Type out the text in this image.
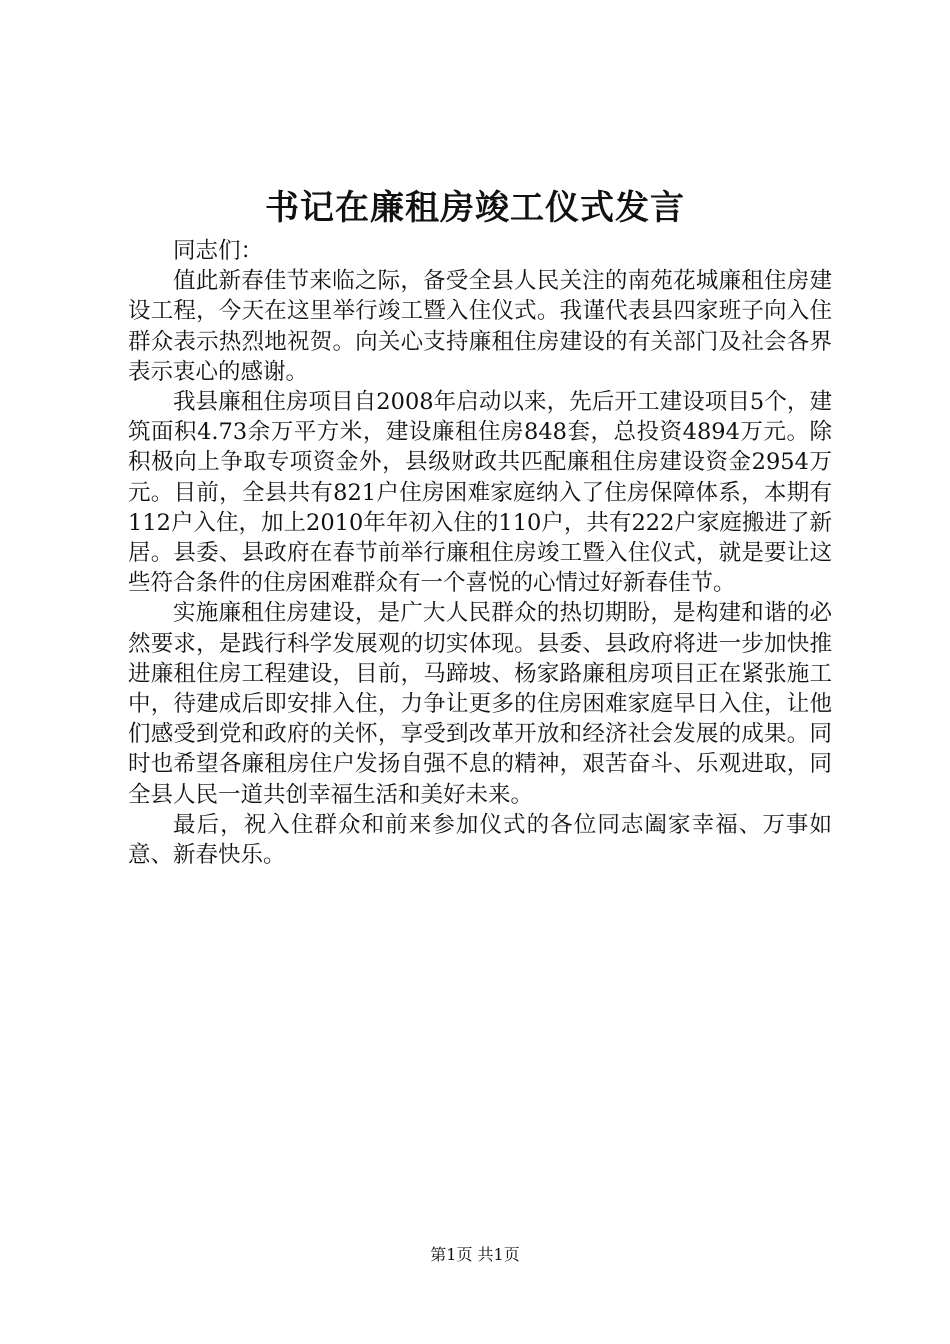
书记在廉租房竣工仪式发言

同志们：

值此新春佳节来临之际，备受全县人民关注的南苑花城廉租住房建设工程，今天在这里举行竣工暨入住仪式。我谨代表县四家班子向入住群众表示热烈地祝贺。向关心支持廉租住房建设的有关部门及社会各界表示衷心的感谢。

我县廉租住房项目自2008年启动以来，先后开工建设项目5个，建筑面积4.73余万平方米，建设廉租住房848套，总投资4894万元。除积极向上争取专项资金外，县级财政共匹配廉租住房建设资金2954万元。目前，全县共有821户住房困难家庭纳入了住房保障体系，本期有112户入住，加上2010年年初入住的110户，共有222户家庭搬进了新居。县委、县政府在春节前举行廉租住房竣工暨入住仪式，就是要让这些符合条件的住房困难群众有一个喜悦的心情过好新春佳节。

实施廉租住房建设，是广大人民群众的热切期盼，是构建和谐的必然要求，是践行科学发展观的切实体现。县委、县政府将进一步加快推进廉租住房工程建设，目前，马蹄坡、杨家路廉租房项目正在紧张施工中，待建成后即安排入住，力争让更多的住房困难家庭早日入住，让他们感受到党和政府的关怀，享受到改革开放和经济社会发展的成果。同时也希望各廉租房住户发扬自强不息的精神，艰苦奋斗、乐观进取，同全县人民一道共创幸福生活和美好未来。

最后，祝入住群众和前来参加仪式的各位同志阖家幸福、万事如意、新春快乐。

第1页 共1页
